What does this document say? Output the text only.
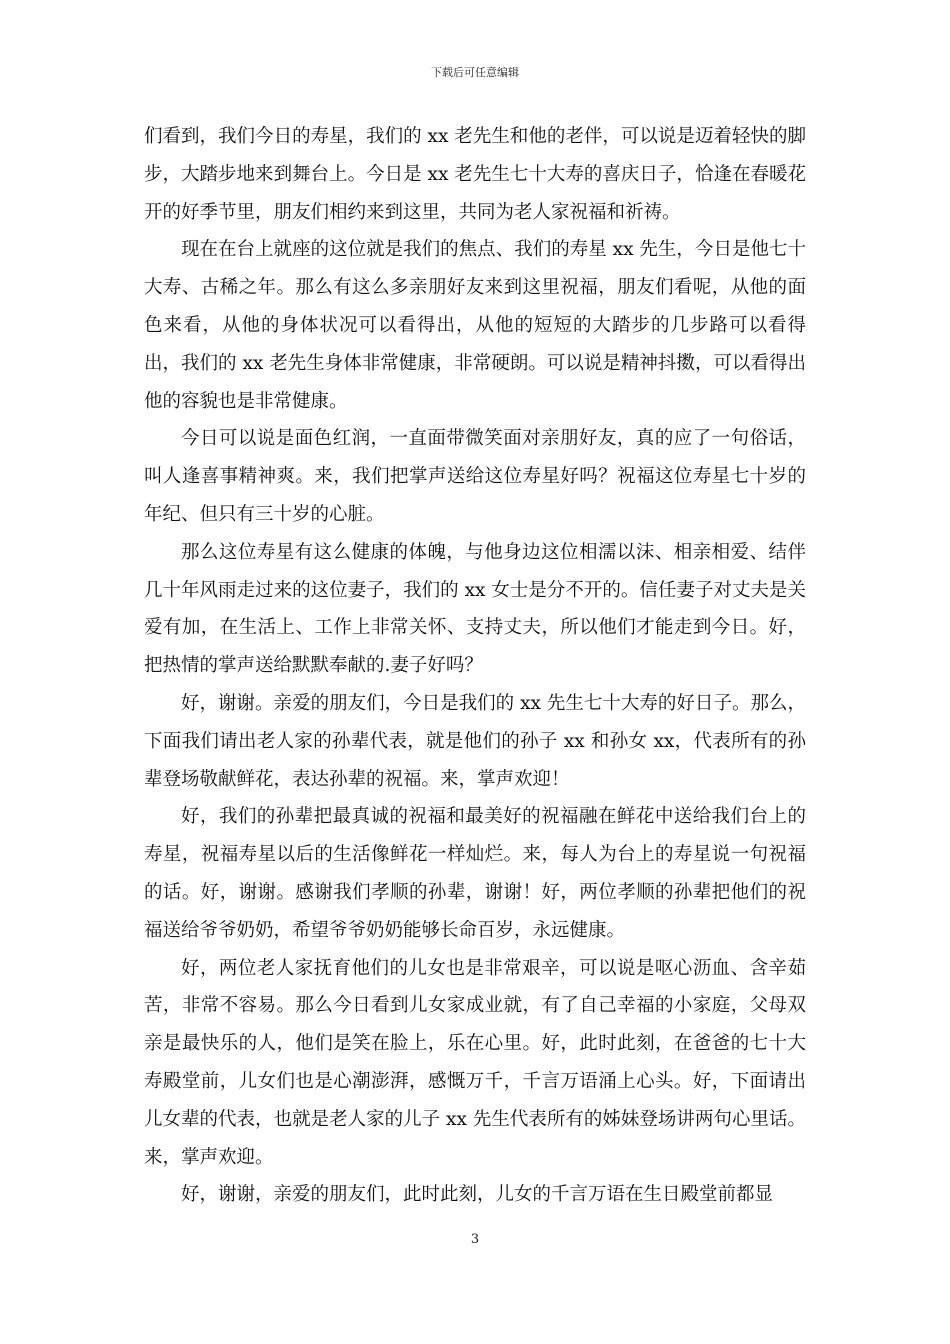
下载后可任意编辑

们看到，我们今日的寿星，我们的 xx 老先生和他的老伴，可以说是迈着轻快的脚步，大踏步地来到舞台上。今日是 xx 老先生七十大寿的喜庆日子，恰逢在春暖花开的好季节里，朋友们相约来到这里，共同为老人家祝福和祈祷。

现在在台上就座的这位就是我们的焦点、我们的寿星 xx 先生，今日是他七十大寿、古稀之年。那么有这么多亲朋好友来到这里祝福，朋友们看呢，从他的面色来看，从他的身体状况可以看得出，从他的短短的大踏步的几步路可以看得出，我们的 xx 老先生身体非常健康，非常硬朗。可以说是精神抖擞，可以看得出他的容貌也是非常健康。

今日可以说是面色红润，一直面带微笑面对亲朋好友，真的应了一句俗话，叫人逢喜事精神爽。来，我们把掌声送给这位寿星好吗？祝福这位寿星七十岁的年纪、但只有三十岁的心脏。

那么这位寿星有这么健康的体魄，与他身边这位相濡以沫、相亲相爱、结伴几十年风雨走过来的这位妻子，我们的 xx 女士是分不开的。信任妻子对丈夫是关爱有加，在生活上、工作上非常关怀、支持丈夫，所以他们才能走到今日。好，把热情的掌声送给默默奉献的.妻子好吗？

好，谢谢。亲爱的朋友们，今日是我们的 xx 先生七十大寿的好日子。那么，下面我们请出老人家的孙辈代表，就是他们的孙子 xx 和孙女 xx，代表所有的孙辈登场敬献鲜花，表达孙辈的祝福。来，掌声欢迎！

好，我们的孙辈把最真诚的祝福和最美好的祝福融在鲜花中送给我们台上的寿星，祝福寿星以后的生活像鲜花一样灿烂。来，每人为台上的寿星说一句祝福的话。好，谢谢。感谢我们孝顺的孙辈，谢谢！好，两位孝顺的孙辈把他们的祝福送给爷爷奶奶，希望爷爷奶奶能够长命百岁，永远健康。

好，两位老人家抚育他们的儿女也是非常艰辛，可以说是呕心沥血、含辛茹苦，非常不容易。那么今日看到儿女家成业就，有了自己幸福的小家庭，父母双亲是最快乐的人，他们是笑在脸上，乐在心里。好，此时此刻，在爸爸的七十大寿殿堂前，儿女们也是心潮澎湃，感慨万千，千言万语涌上心头。好，下面请出儿女辈的代表，也就是老人家的儿子 xx 先生代表所有的姊妹登场讲两句心里话。来，掌声欢迎。

好，谢谢，亲爱的朋友们，此时此刻，儿女的千言万语在生日殿堂前都显

3
